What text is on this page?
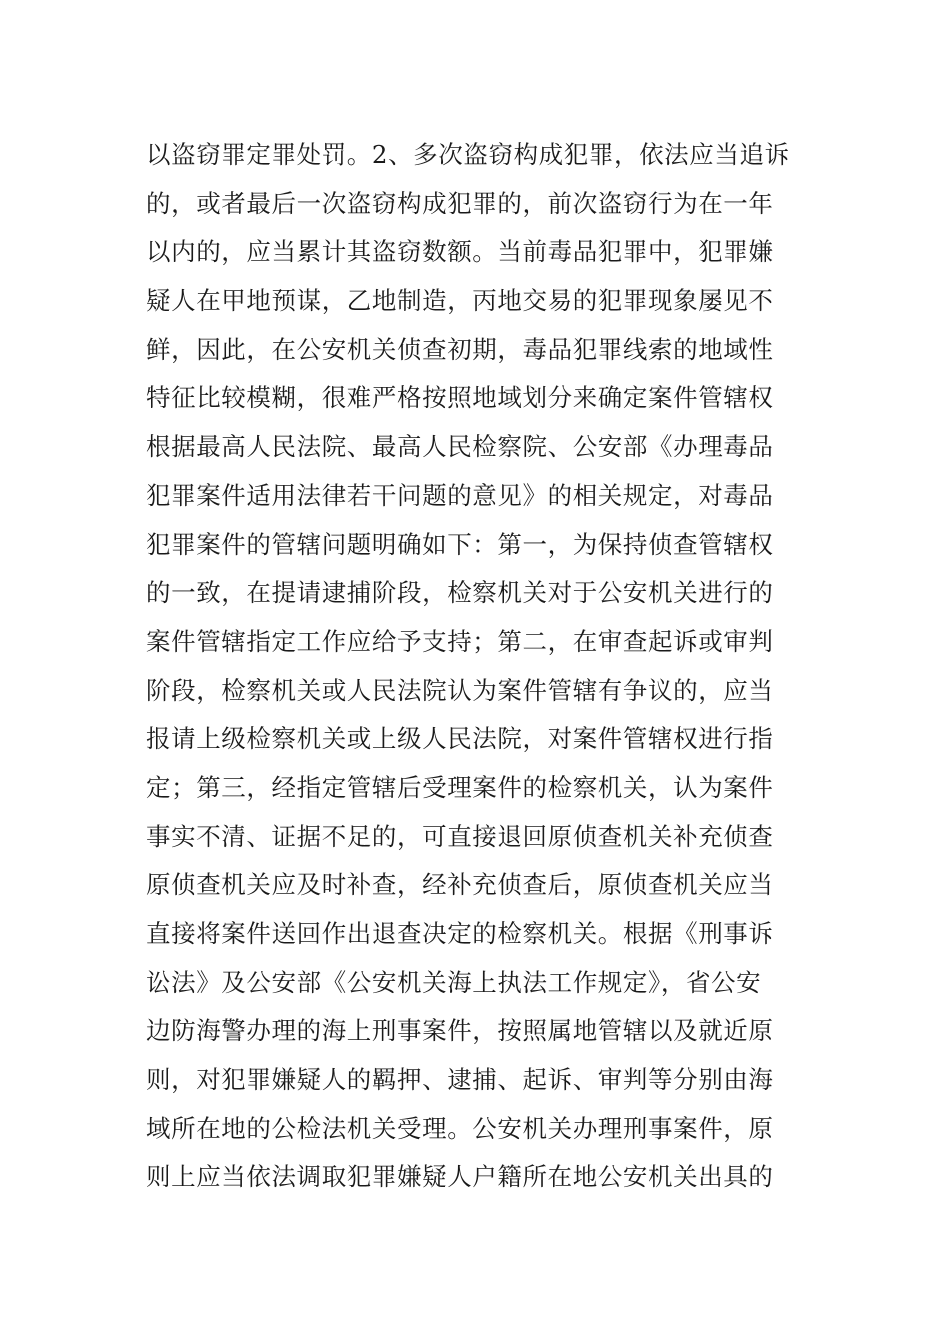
以盗窃罪定罪处罚。2、多次盗窃构成犯罪，依法应当追诉
的，或者最后一次盗窃构成犯罪的，前次盗窃行为在一年
以内的，应当累计其盗窃数额。当前毒品犯罪中，犯罪嫌
疑人在甲地预谋，乙地制造，丙地交易的犯罪现象屡见不
鲜，因此，在公安机关侦查初期，毒品犯罪线索的地域性
特征比较模糊，很难严格按照地域划分来确定案件管辖权
根据最高人民法院、最高人民检察院、公安部《办理毒品
犯罪案件适用法律若干问题的意见》的相关规定，对毒品
犯罪案件的管辖问题明确如下：第一，为保持侦查管辖权
的一致，在提请逮捕阶段，检察机关对于公安机关进行的
案件管辖指定工作应给予支持；第二，在审查起诉或审判
阶段，检察机关或人民法院认为案件管辖有争议的，应当
报请上级检察机关或上级人民法院，对案件管辖权进行指
定；第三，经指定管辖后受理案件的检察机关，认为案件
事实不清、证据不足的，可直接退回原侦查机关补充侦查
原侦查机关应及时补查，经补充侦查后，原侦查机关应当
直接将案件送回作出退查决定的检察机关。根据《刑事诉
讼法》及公安部《公安机关海上执法工作规定》，省公安
边防海警办理的海上刑事案件，按照属地管辖以及就近原
则，对犯罪嫌疑人的羁押、逮捕、起诉、审判等分别由海
域所在地的公检法机关受理。公安机关办理刑事案件，原
则上应当依法调取犯罪嫌疑人户籍所在地公安机关出具的
